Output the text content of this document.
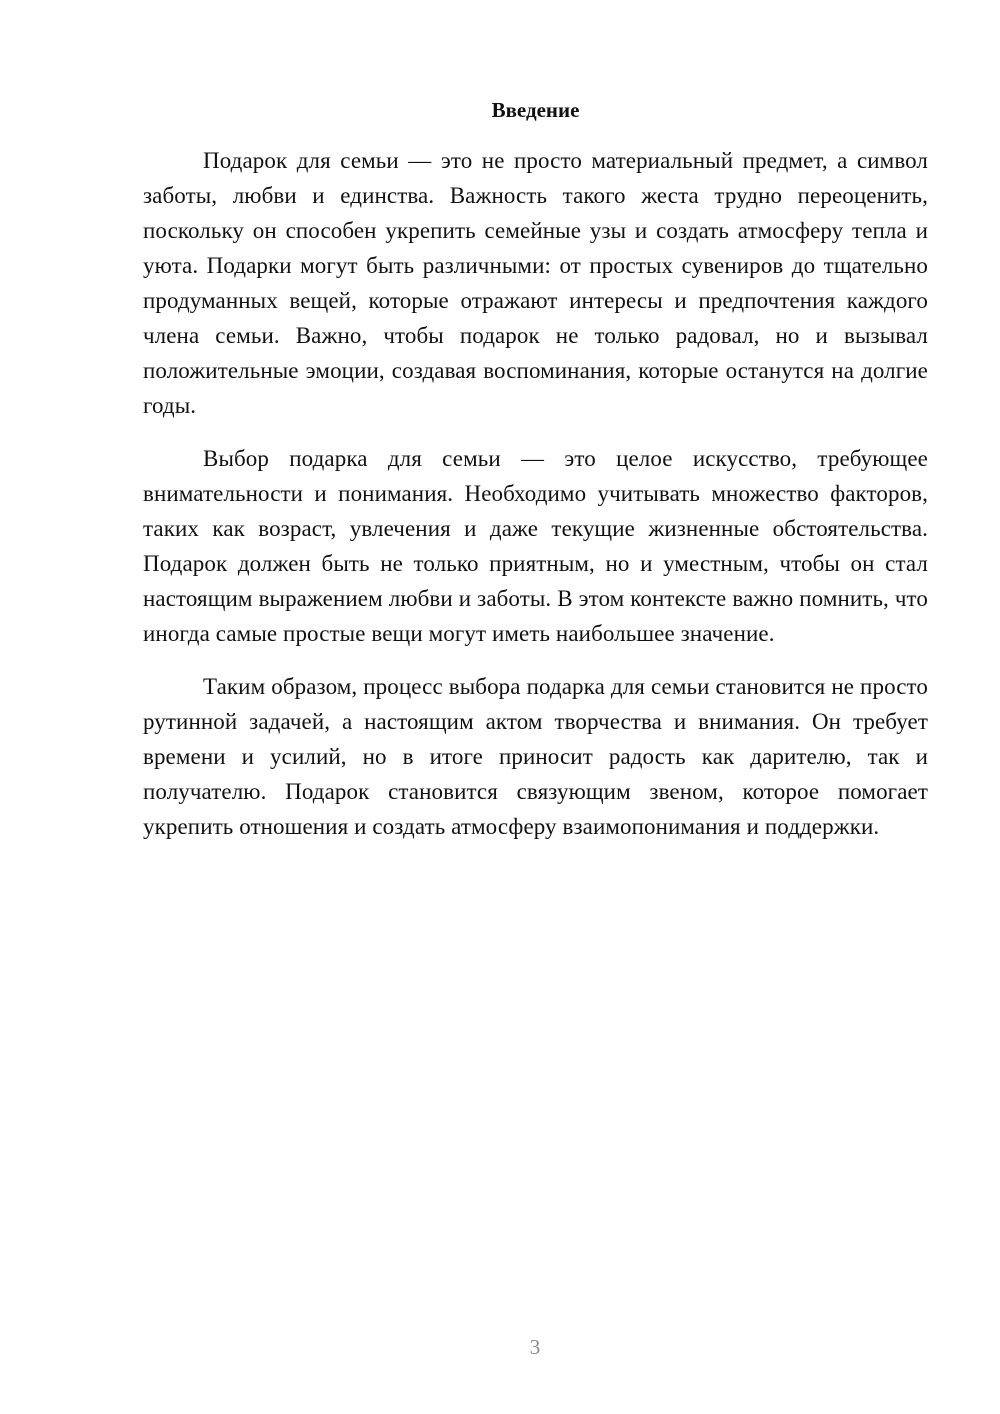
Введение

Подарок для семьи — это не просто материальный предмет, а символ заботы, любви и единства. Важность такого жеста трудно переоценить, поскольку он способен укрепить семейные узы и создать атмосферу тепла и уюта. Подарки могут быть различными: от простых сувениров до тщательно продуманных вещей, которые отражают интересы и предпочтения каждого члена семьи. Важно, чтобы подарок не только радовал, но и вызывал положительные эмоции, создавая воспоминания, которые останутся на долгие годы.

Выбор подарка для семьи — это целое искусство, требующее внимательности и понимания. Необходимо учитывать множество факторов, таких как возраст, увлечения и даже текущие жизненные обстоятельства. Подарок должен быть не только приятным, но и уместным, чтобы он стал настоящим выражением любви и заботы. В этом контексте важно помнить, что иногда самые простые вещи могут иметь наибольшее значение.

Таким образом, процесс выбора подарка для семьи становится не просто рутинной задачей, а настоящим актом творчества и внимания. Он требует времени и усилий, но в итоге приносит радость как дарителю, так и получателю. Подарок становится связующим звеном, которое помогает укрепить отношения и создать атмосферу взаимопонимания и поддержки.

3
